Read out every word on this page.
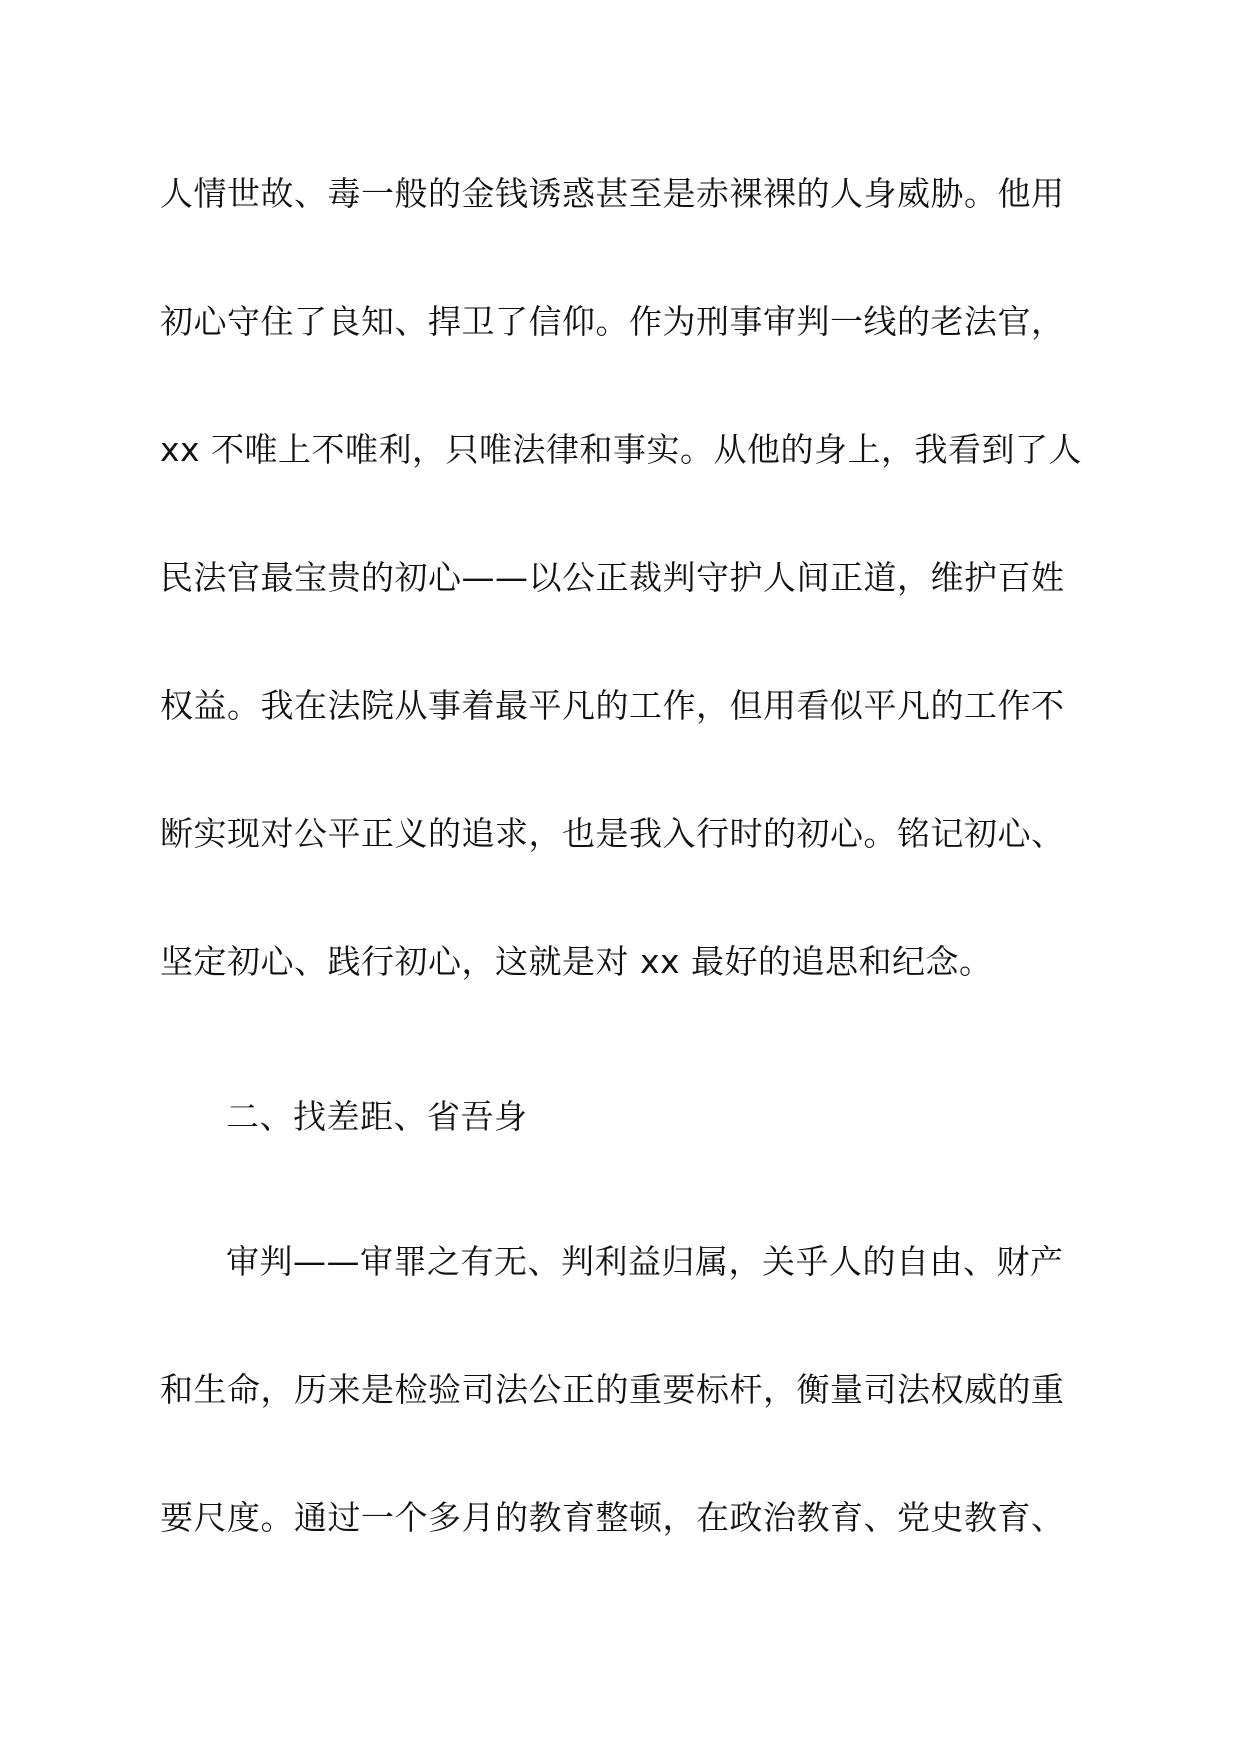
人情世故、毒一般的金钱诱惑甚至是赤裸裸的人身威胁。他用
初心守住了良知、捍卫了信仰。作为刑事审判一线的老法官，
xx 不唯上不唯利，只唯法律和事实。从他的身上，我看到了人
民法官最宝贵的初心——以公正裁判守护人间正道，维护百姓
权益。我在法院从事着最平凡的工作，但用看似平凡的工作不
断实现对公平正义的追求，也是我入行时的初心。铭记初心、
坚定初心、践行初心，这就是对 xx 最好的追思和纪念。
二、找差距、省吾身
审判——审罪之有无、判利益归属，关乎人的自由、财产
和生命，历来是检验司法公正的重要标杆，衡量司法权威的重
要尺度。通过一个多月的教育整顿，在政治教育、党史教育、
